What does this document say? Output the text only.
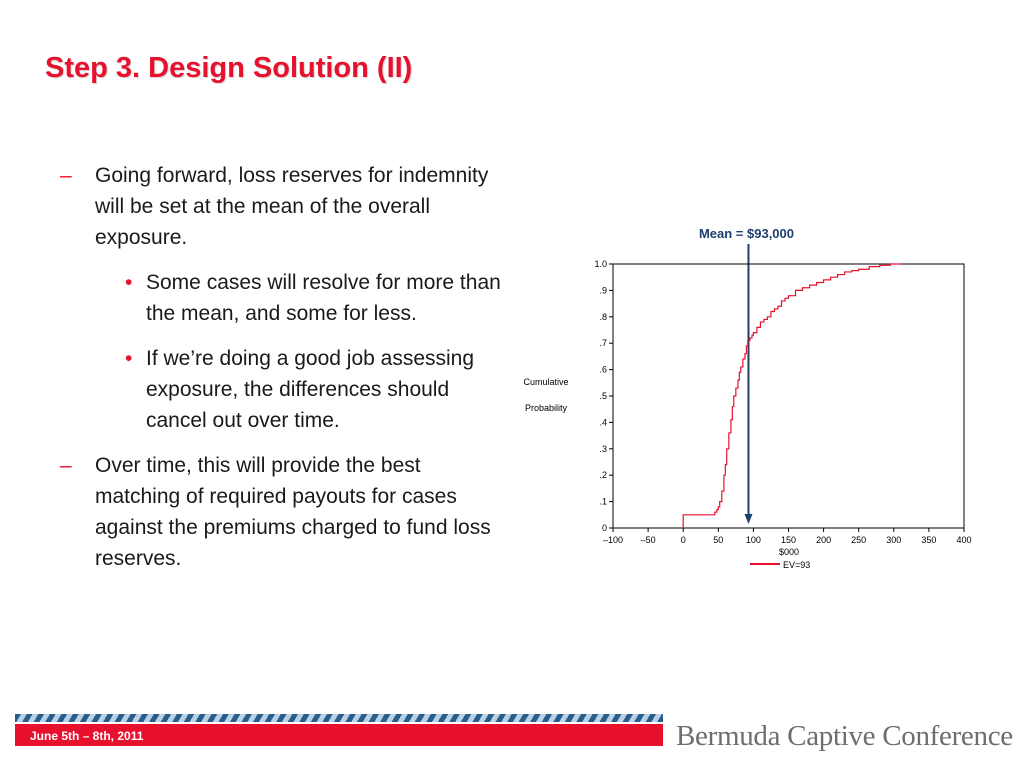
Step 3. Design Solution (II)
– Going forward, loss reserves for indemnity will be set at the mean of the overall exposure.
• Some cases will resolve for more than the mean, and some for less.
• If we’re doing a good job assessing exposure, the differences should cancel out over time.
– Over time, this will provide the best matching of required payouts for cases against the premiums charged to fund loss reserves.
Mean = $93,000
–100 –50	0	50	100 150 200 250 300 350 400
0
.1
.2
.3
.4
.5
.6
.7
.8
.9
1.0
Cumulative
Probability
$000
EV=93
June 5th – 8th, 2011	Bermuda Captive Conference
